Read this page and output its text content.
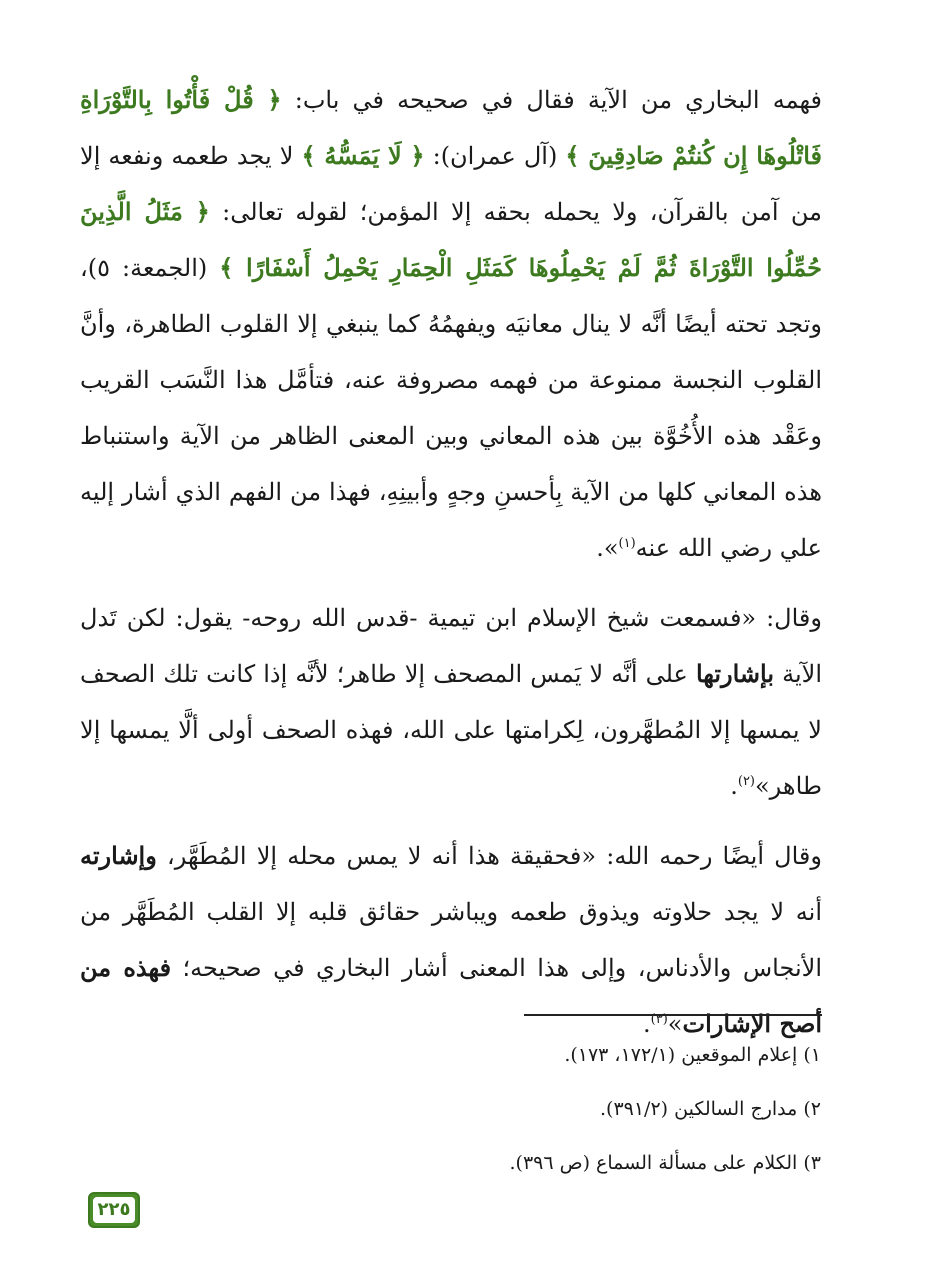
فهمه البخاري من الآية فقال في صحيحه في باب: ﴿ قُلْ فَأْتُوا بِالتَّوْرَاةِ فَاتْلُوهَا إِن كُنتُمْ صَادِقِينَ ﴾ (آل عمران): ﴿ لَا يَمَسُّهُ ﴾ لا يجد طعمه ونفعه إلا من آمن بالقرآن، ولا يحمله بحقه إلا المؤمن؛ لقوله تعالى: ﴿ مَثَلُ الَّذِينَ حُمِّلُوا التَّوْرَاةَ ثُمَّ لَمْ يَحْمِلُوهَا كَمَثَلِ الْحِمَارِ يَحْمِلُ أَسْفَارًا ﴾ (الجمعة: ٥)، وتجد تحته أيضًا أنَّه لا ينال معانيَه ويفهمُهُ كما ينبغي إلا القلوب الطاهرة، وأنَّ القلوب النجسة ممنوعة من فهمه مصروفة عنه، فتأمَّل هذا النَّسَب القريب وعَقْد هذه الأُخُوَّة بين هذه المعاني وبين المعنى الظاهر من الآية واستنباط هذه المعاني كلها من الآية بِأحسنِ وجهٍ وأبينِهِ، فهذا من الفهم الذي أشار إليه علي رضي الله عنه$^{(١)}$».

وقال: «فسمعت شيخ الإسلام ابن تيمية -قدس الله روحه- يقول: لكن تَدل الآية بإشارتها على أنَّه لا يَمس المصحف إلا طاهر؛ لأنَّه إذا كانت تلك الصحف لا يمسها إلا المُطهَّرون، لِكرامتها على الله، فهذه الصحف أولى ألَّا يمسها إلا طاهر»$^{(٢)}$.

وقال أيضًا رحمه الله: «فحقيقة هذا أنه لا يمس محله إلا المُطَهَّر، وإشارته أنه لا يجد حلاوته ويذوق طعمه ويباشر حقائق قلبه إلا القلب المُطَهَّر من الأنجاس والأدناس، وإلى هذا المعنى أشار البخاري في صحيحه؛ فهذه من أصح الإشارات»$^{(٣)}$.

١) إعلام الموقعين (١٧٢/١، ١٧٣).

٢) مدارج السالكين (٣٩١/٢).

٣) الكلام على مسألة السماع (ص ٣٩٦).

٢٢٥
